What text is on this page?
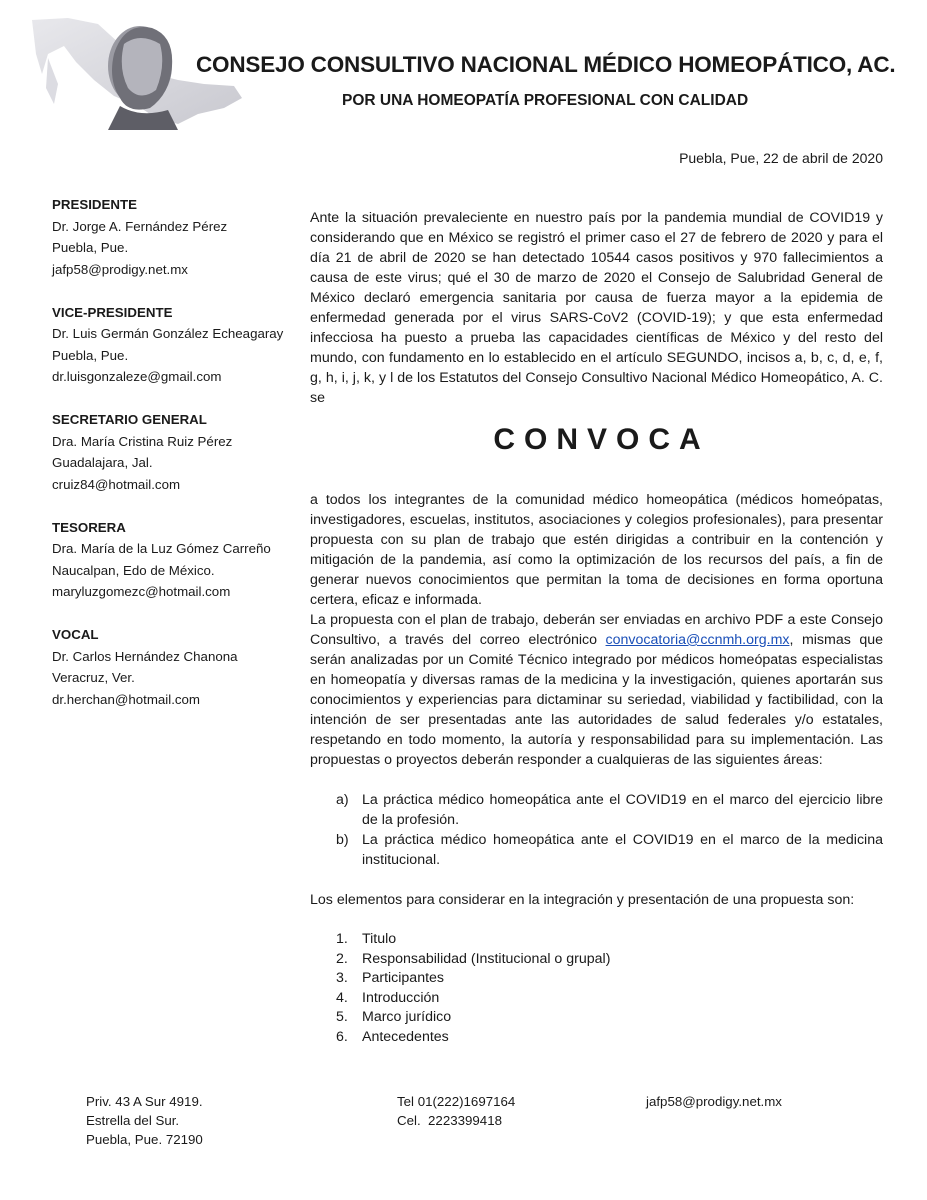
CONSEJO CONSULTIVO NACIONAL MÉDICO HOMEOPÁTICO, AC.
POR UNA HOMEOPATÍA PROFESIONAL CON CALIDAD
Puebla, Pue, 22 de abril de 2020
PRESIDENTE
Dr. Jorge A. Fernández Pérez
Puebla, Pue.
jafp58@prodigy.net.mx
VICE-PRESIDENTE
Dr. Luis Germán González Echeagaray
Puebla, Pue.
dr.luisgonzaleze@gmail.com
SECRETARIO GENERAL
Dra. María Cristina Ruiz Pérez
Guadalajara, Jal.
cruiz84@hotmail.com
TESORERA
Dra. María de la Luz Gómez Carreño
Naucalpan, Edo de México.
maryluzgomezc@hotmail.com
VOCAL
Dr. Carlos Hernández Chanona
Veracruz, Ver.
dr.herchan@hotmail.com

Ante la situación prevaleciente en nuestro país por la pandemia mundial de COVID19 y considerando que en México se registró el primer caso el 27 de febrero de 2020 y para el día 21 de abril de 2020 se han detectado 10544 casos positivos y 970 fallecimientos a causa de este virus; qué el 30 de marzo de 2020 el Consejo de Salubridad General de México declaró emergencia sanitaria por causa de fuerza mayor a la epidemia de enfermedad generada por el virus SARS-CoV2 (COVID-19); y que esta enfermedad infecciosa ha puesto a prueba las capacidades científicas de México y del resto del mundo, con fundamento en lo establecido en el artículo SEGUNDO, incisos a, b, c, d, e, f, g, h, i, j, k, y l de los Estatutos del Consejo Consultivo Nacional Médico Homeopático, A. C. se

CONVOCA

a todos los integrantes de la comunidad médico homeopática (médicos homeópatas, investigadores, escuelas, institutos, asociaciones y colegios profesionales), para presentar propuesta con su plan de trabajo que estén dirigidas a contribuir en la contención y mitigación de la pandemia, así como la optimización de los recursos del país, a fin de generar nuevos conocimientos que permitan la toma de decisiones en forma oportuna certera, eficaz e informada.

La propuesta con el plan de trabajo, deberán ser enviadas en archivo PDF a este Consejo Consultivo, a través del correo electrónico convocatoria@ccnmh.org.mx, mismas que serán analizadas por un Comité Técnico integrado por médicos homeópatas especialistas en homeopatía y diversas ramas de la medicina y la investigación, quienes aportarán sus conocimientos y experiencias para dictaminar su seriedad, viabilidad y factibilidad, con la intención de ser presentadas ante las autoridades de salud federales y/o estatales, respetando en todo momento, la autoría y responsabilidad para su implementación. Las propuestas o proyectos deberán responder a cualquieras de las siguientes áreas:

a) La práctica médico homeopática ante el COVID19 en el marco del ejercicio libre de la profesión.
b) La práctica médico homeopática ante el COVID19 en el marco de la medicina institucional.

Los elementos para considerar en la integración y presentación de una propuesta son:

1. Titulo
2. Responsabilidad (Institucional o grupal)
3. Participantes
4. Introducción
5. Marco jurídico
6. Antecedentes
Priv. 43 A Sur 4919.
Estrella del Sur.
Puebla, Pue. 72190
Tel 01(222)1697164
Cel.  2223399418
jafp58@prodigy.net.mx
